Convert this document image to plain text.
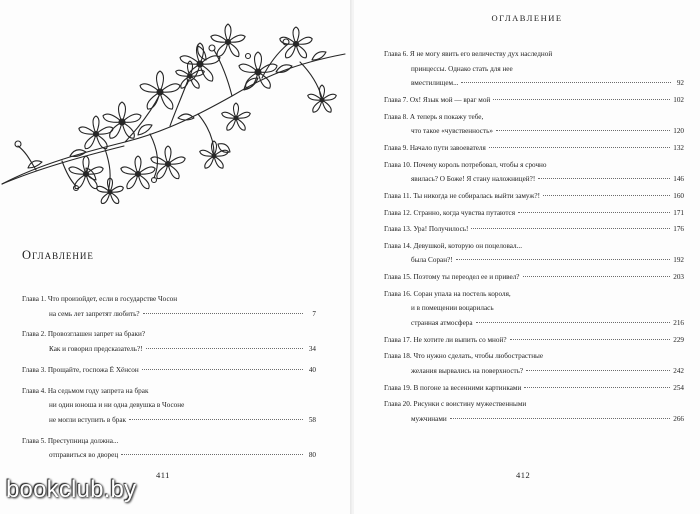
Оглавление
Глава 1. Что произойдет, если в государстве Чосон
на семь лет запретят любить?	7
Глава 2. Провозглашен запрет на браки?
Как и говорил предсказатель?!	34
Глава 3. Прощайте, госпожа Ё Хёнсон	40
Глава 4. На седьмом году запрета на брак
ни один юноша и ни одна девушка в Чосоне
не могли вступить в брак	58
Глава 5. Преступница должна...
отправиться во дворец	80
411
ОГЛАВЛЕНИЕ
Глава 6. Я не могу явить его величеству дух наследной
принцессы. Однако стать для нее
вместилищем...	92
Глава 7. Ох! Язык мой — враг мой	102
Глава 8. А теперь я покажу тебе,
что такое «чувственность»	120
Глава 9. Начало пути завоевателя	132
Глава 10. Почему король потребовал, чтобы я срочно
явилась? О Боже! Я стану наложницей?!	146
Глава 11. Ты никогда не собиралась выйти замуж?!	160
Глава 12. Странно, когда чувства путаются	171
Глава 13. Ура! Получилось!	176
Глава 14. Девушкой, которую он поцеловал...
была Соран?!	192
Глава 15. Поэтому ты переодел ее и привел?	203
Глава 16. Соран упала на постель короля,
и в помещении воцарилась
странная атмосфера	216
Глава 17. Не хотите ли выпить со мной?	229
Глава 18. Что нужно сделать, чтобы любострастные
желания вырвались на поверхность?	242
Глава 19. В погоне за весенними картинками	254
Глава 20. Рисунки с воистину мужественными
мужчинами	266
412
bookclub.by
